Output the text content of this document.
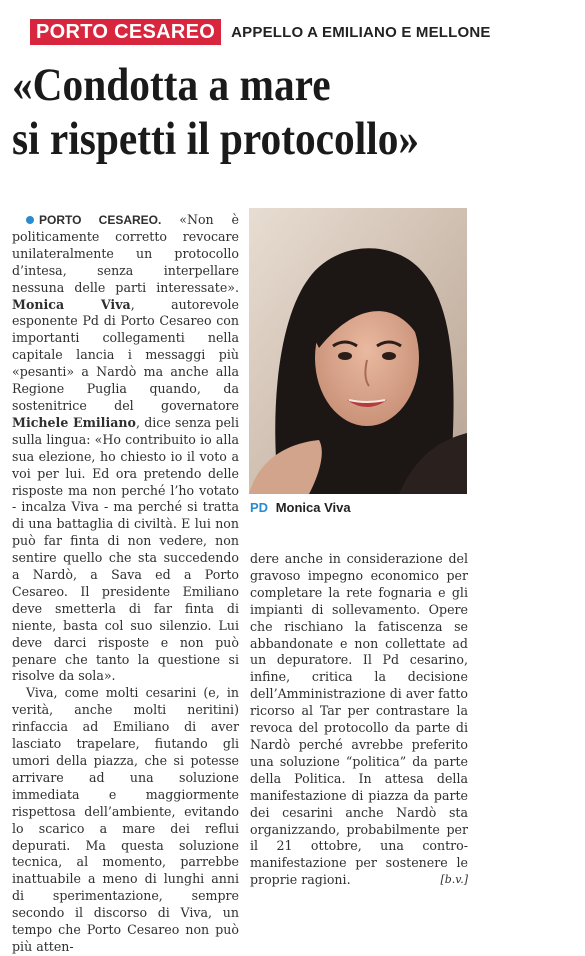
PORTO CESAREO	APPELLO A EMILIANO E MELLONE
«Condotta a mare
si rispetti il protocollo»

PORTO CESAREO. «Non è politicamente corretto revocare unilateralmente un protocollo d’intesa, senza interpellare nessuna delle parti interessate». Monica Viva, autorevole esponente Pd di Porto Cesareo con importanti collegamenti nella capitale lancia i messaggi più «pesanti» a Nardò ma anche alla Regione Puglia quando, da sostenitrice del governatore Michele Emiliano, dice senza peli sulla lingua: «Ho contribuito io alla sua elezione, ho chiesto io il voto a voi per lui. Ed ora pretendo delle risposte ma non perché l’ho votato - incalza Viva - ma perché si tratta di una battaglia di civiltà. E lui non può far finta di non vedere, non sentire quello che sta succedendo a Nardò, a Sava ed a Porto Cesareo. Il presidente Emiliano deve smetterla di far finta di niente, basta col suo silenzio. Lui deve darci risposte e non può penare che tanto la questione si risolve da sola».

Viva, come molti cesarini (e, in verità, anche molti neritini) rinfaccia ad Emiliano di aver lasciato trapelare, fiutando gli umori della piazza, che si potesse arrivare ad una soluzione immediata e maggiormente rispettosa dell’ambiente, evitando lo scarico a mare dei reflui depurati. Ma questa soluzione tecnica, al momento, parrebbe inattuabile a meno di lunghi anni di sperimentazione, sempre secondo il discorso di Viva, un tempo che Porto Cesareo non può più atten-

PD Monica Viva

dere anche in considerazione del gravoso impegno economico per completare la rete fognaria e gli impianti di sollevamento. Opere che rischiano la fatiscenza se abbandonate e non collettate ad un depuratore. Il Pd cesarino, infine, critica la decisione dell’Amministrazione di aver fatto ricorso al Tar per contrastare la revoca del protocollo da parte di Nardò perché avrebbe preferito una soluzione “politica” da parte della Politica. In attesa della manifestazione di piazza da parte dei cesarini anche Nardò sta organizzando, probabilmente per il 21 ottobre, una contro-manifestazione per sostenere le proprie ragioni.	[b.v.]
